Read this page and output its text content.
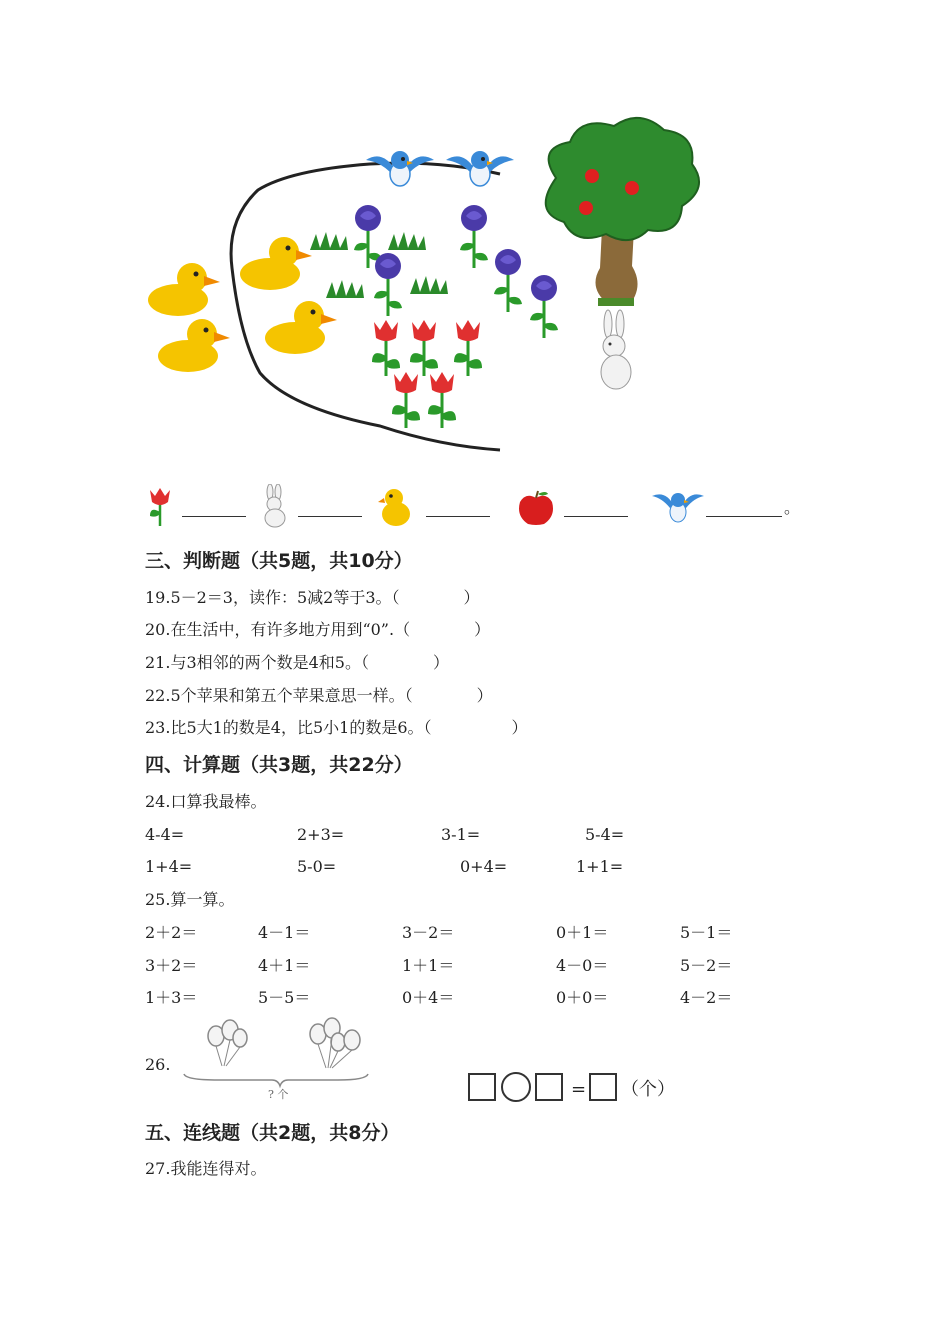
。
三、判断题（共5题，共10分）
19.5－2＝3，读作：5减2等于3。（　　　　）
20.在生活中，有许多地方用到“0”.（　　　　）
21.与3相邻的两个数是4和5。（　　　　）
22.5个苹果和第五个苹果意思一样。（　　　　）
23.比5大1的数是4，比5小1的数是6。（　　　　　）
四、计算题（共3题，共22分）
24.口算我最棒。
4-4=	2+3=	3-1=	5-4=
1+4=	5-0=	0+4=	1+1=
25.算一算。
2＋2＝	4－1＝	3－2＝	0＋1＝	5－1＝
3＋2＝	4＋1＝	1＋1＝	4－0＝	5－2＝
1＋3＝	5－5＝	0＋4＝	0＋0＝	4－2＝
26.
? 个	= （个）
五、连线题（共2题，共8分）
27.我能连得对。
